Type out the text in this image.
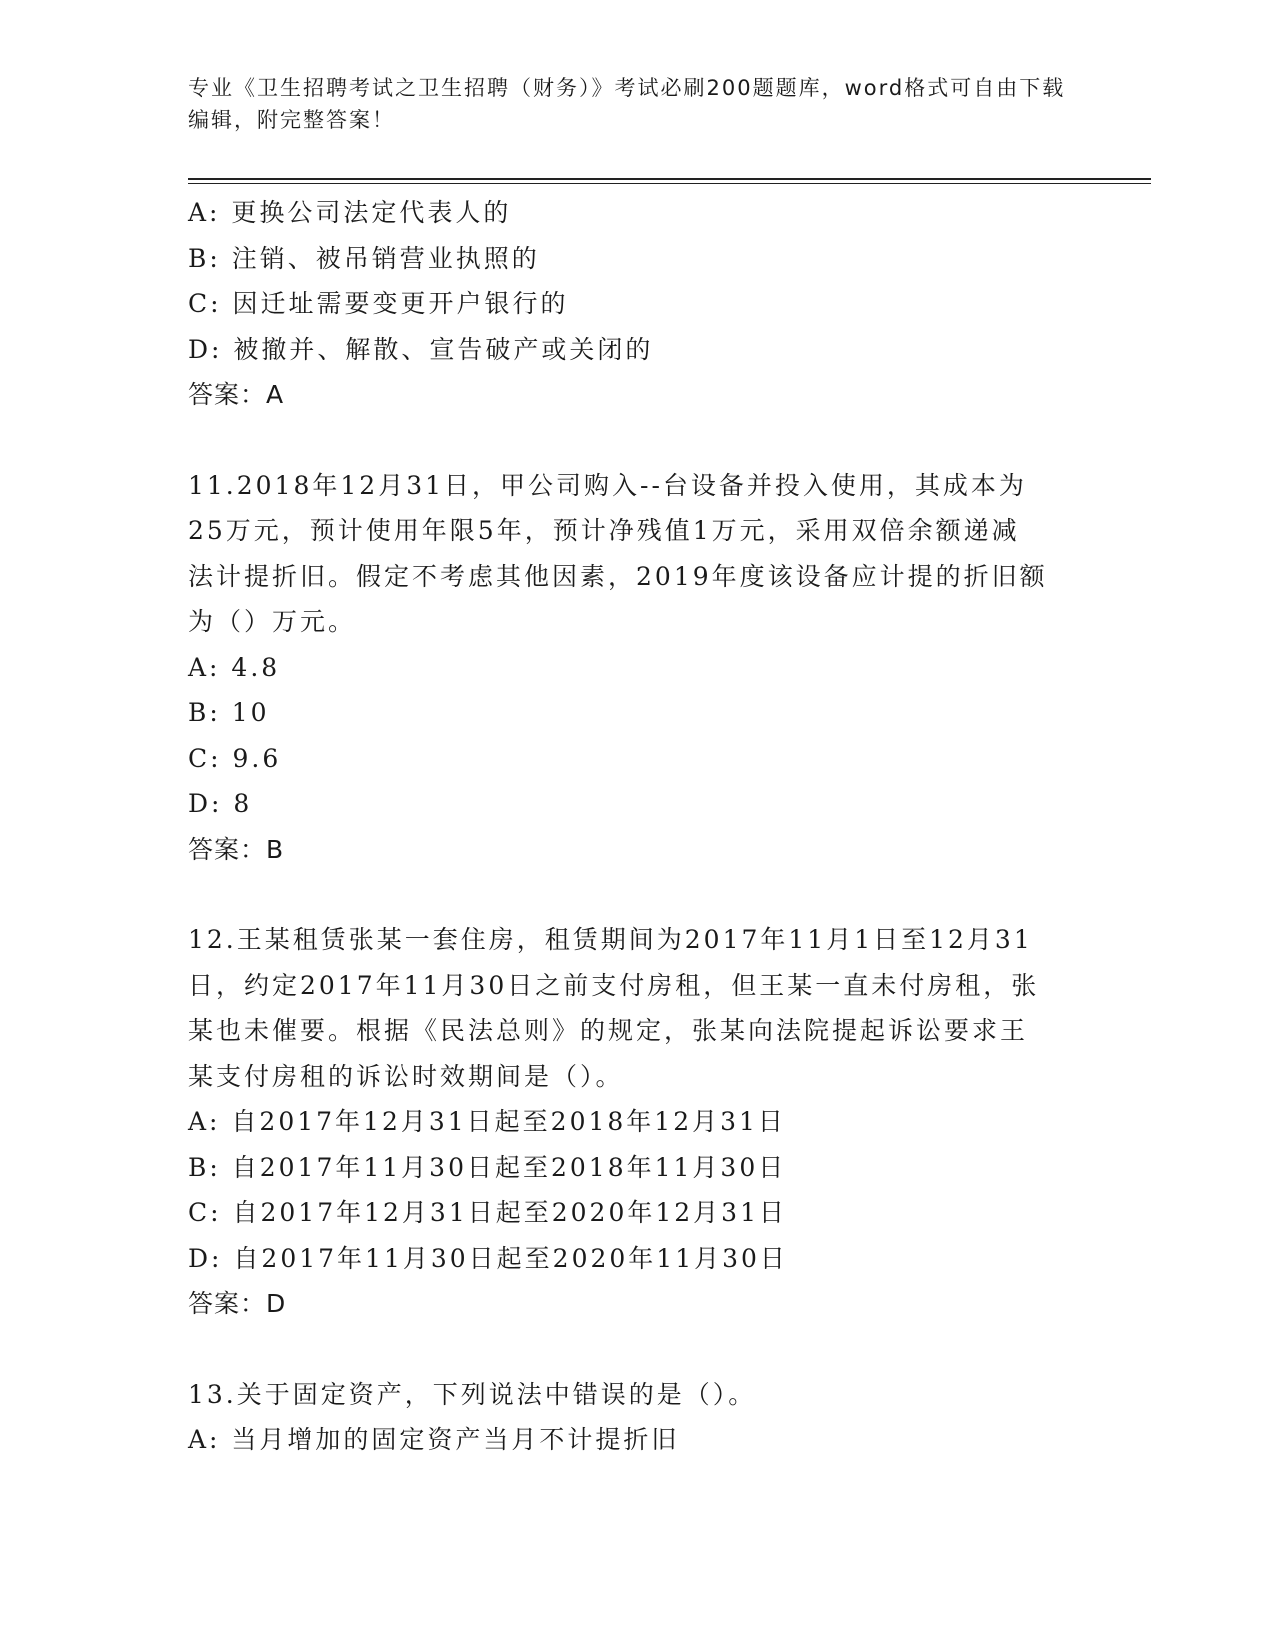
专业《卫生招聘考试之卫生招聘（财务）》考试必刷200题题库，word格式可自由下载编辑，附完整答案！
A: 更换公司法定代表人的
B: 注销、被吊销营业执照的
C: 因迁址需要变更开户银行的
D: 被撤并、解散、宣告破产或关闭的
答案：A
11.2018年12月31日，甲公司购入--台设备并投入使用，其成本为
25万元，预计使用年限5年，预计净残值1万元，采用双倍余额递减
法计提折旧。假定不考虑其他因素，2019年度该设备应计提的折旧额
为（）万元。
A: 4.8
B: 10
C: 9.6
D: 8
答案：B
12.王某租赁张某一套住房，租赁期间为2017年11月1日至12月31
日，约定2017年11月30日之前支付房租，但王某一直未付房租，张
某也未催要。根据《民法总则》的规定，张某向法院提起诉讼要求王
某支付房租的诉讼时效期间是（）。
A: 自2017年12月31日起至2018年12月31日
B: 自2017年11月30日起至2018年11月30日
C: 自2017年12月31日起至2020年12月31日
D: 自2017年11月30日起至2020年11月30日
答案：D
13.关于固定资产，下列说法中错误的是（）。
A: 当月增加的固定资产当月不计提折旧
